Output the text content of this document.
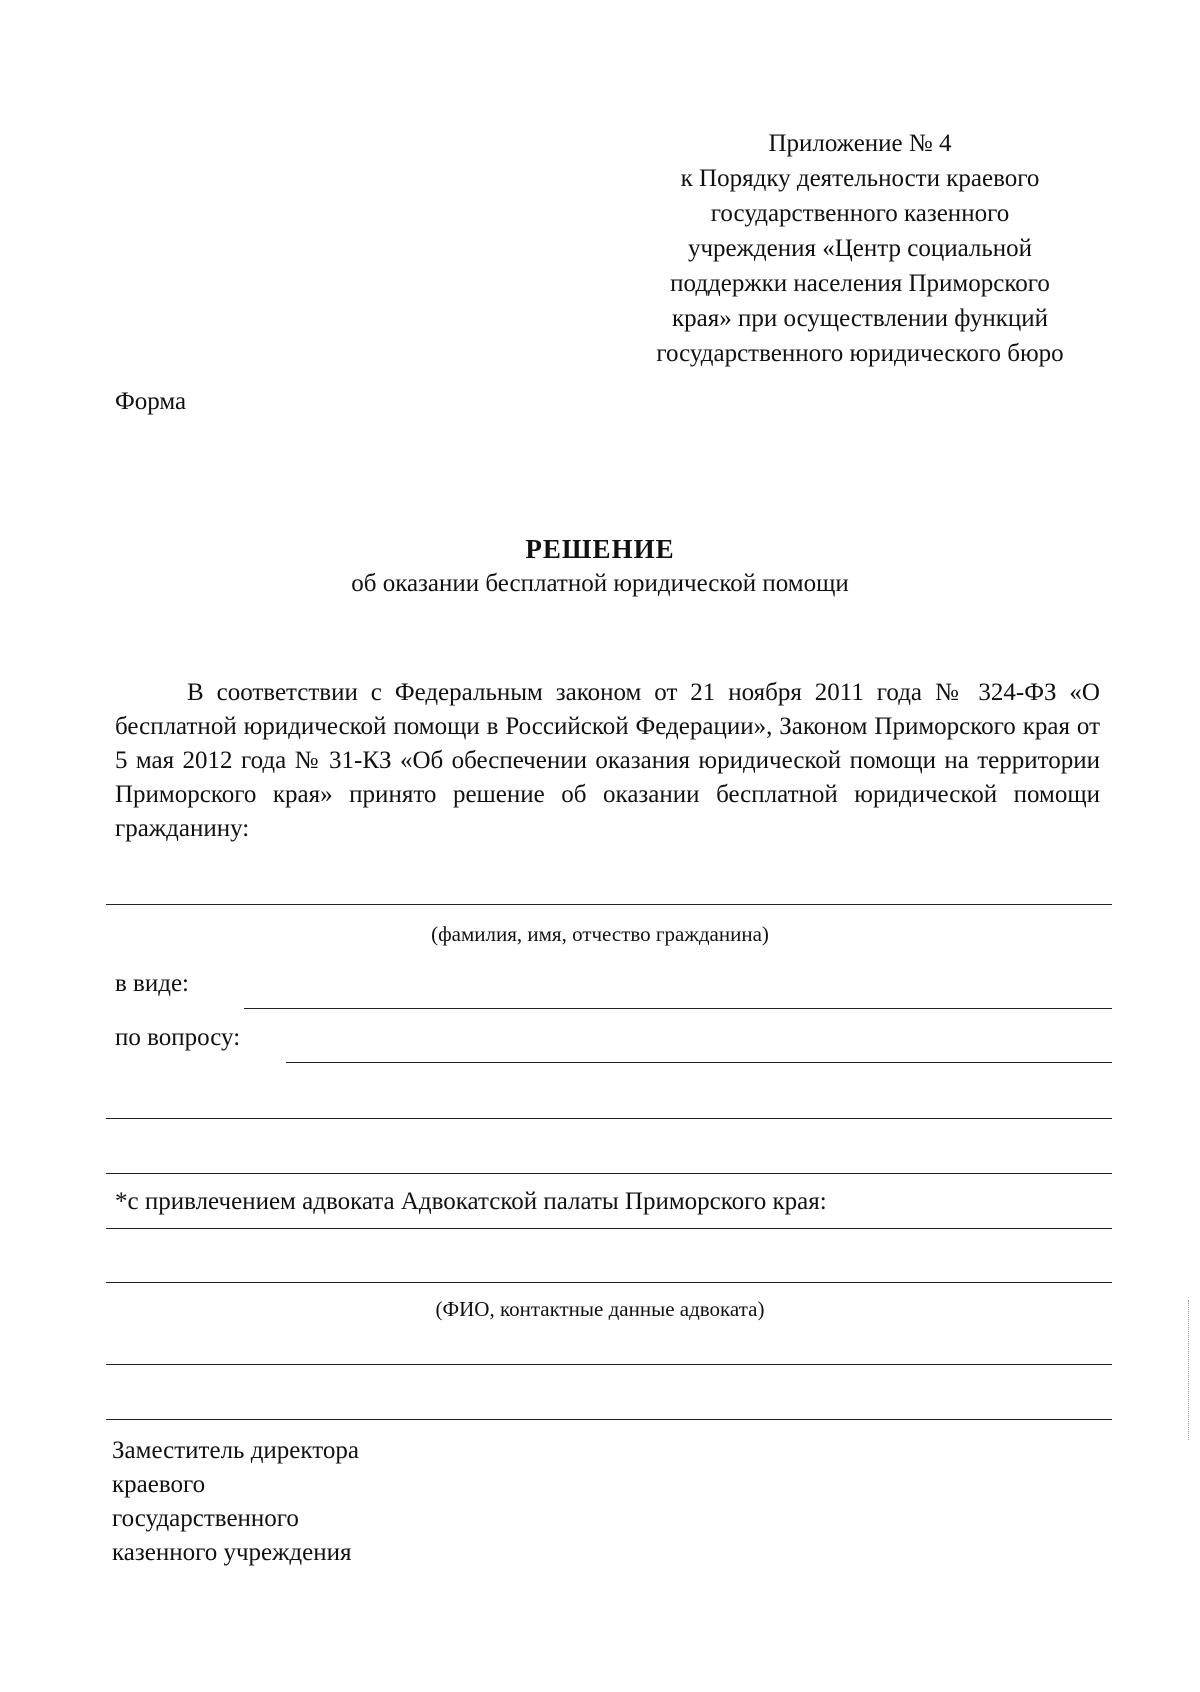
Приложение № 4
к Порядку деятельности краевого
государственного казенного
учреждения «Центр социальной
поддержки населения Приморского
края» при осуществлении функций
государственного юридического бюро
Форма
РЕШЕНИЕ
об оказании бесплатной юридической помощи
В соответствии с Федеральным законом от 21 ноября 2011 года № 324-ФЗ «О бесплатной юридической помощи в Российской Федерации», Законом Приморского края от 5 мая 2012 года № 31-КЗ «Об обеспечении оказания юридической помощи на территории Приморского края» принято решение об оказании бесплатной юридической помощи гражданину:
(фамилия, имя, отчество гражданина)
в виде:
по вопросу:
*с привлечением адвоката Адвокатской палаты Приморского края:
(ФИО, контактные данные адвоката)
Заместитель директора
краевого
государственного
казенного учреждения
